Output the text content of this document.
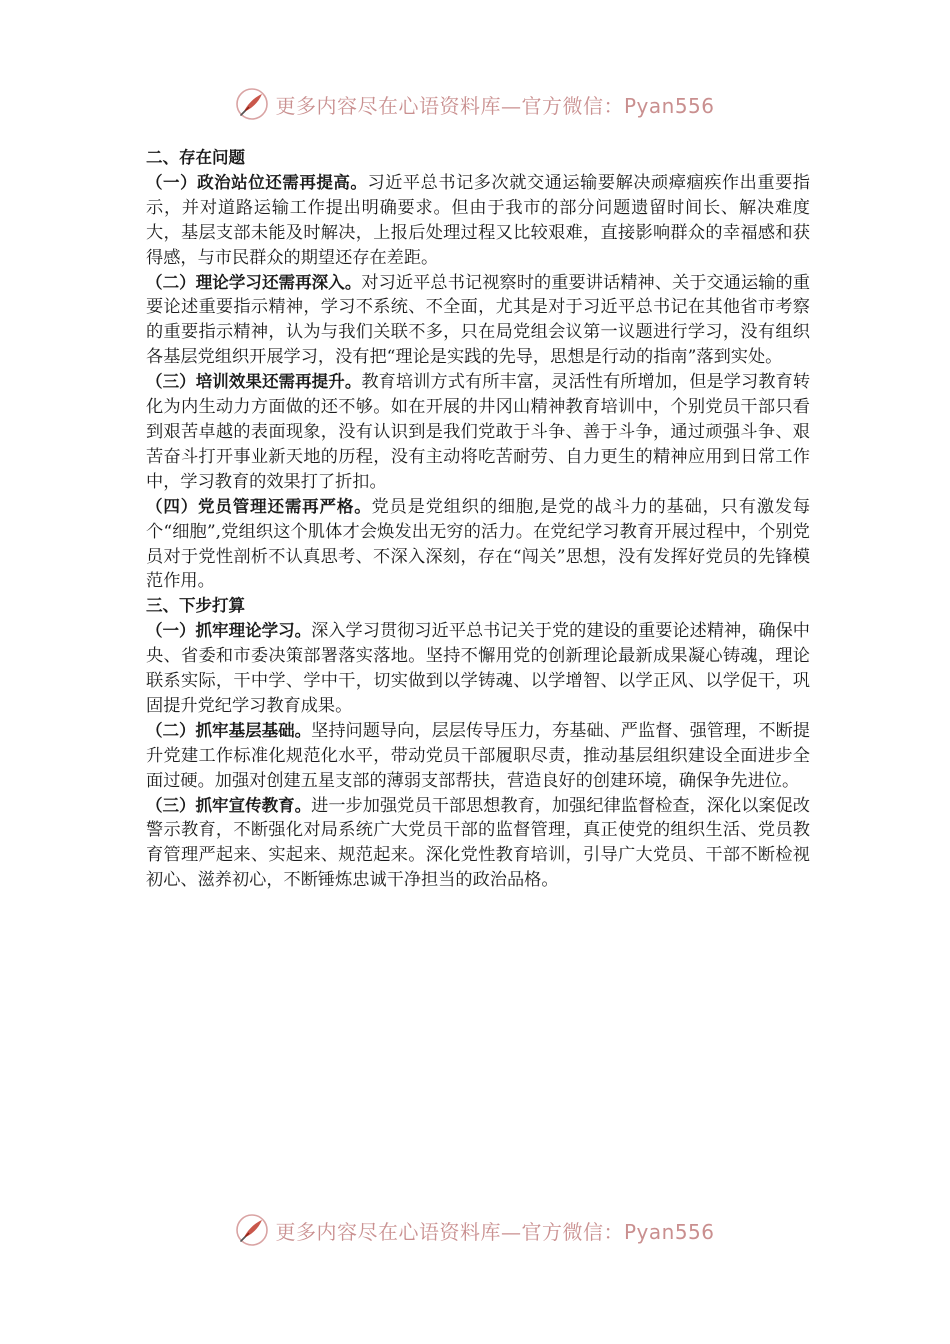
更多内容尽在心语资料库—官方微信：Pyan556

二、存在问题

（一）政治站位还需再提高。习近平总书记多次就交通运输要解决顽瘴痼疾作出重要指示，并对道路运输工作提出明确要求。但由于我市的部分问题遗留时间长、解决难度大，基层支部未能及时解决，上报后处理过程又比较艰难，直接影响群众的幸福感和获得感，与市民群众的期望还存在差距。

（二）理论学习还需再深入。对习近平总书记视察时的重要讲话精神、关于交通运输的重要论述重要指示精神，学习不系统、不全面，尤其是对于习近平总书记在其他省市考察的重要指示精神，认为与我们关联不多，只在局党组会议第一议题进行学习，没有组织各基层党组织开展学习，没有把“理论是实践的先导，思想是行动的指南”落到实处。

（三）培训效果还需再提升。教育培训方式有所丰富，灵活性有所增加，但是学习教育转化为内生动力方面做的还不够。如在开展的井冈山精神教育培训中，个别党员干部只看到艰苦卓越的表面现象，没有认识到是我们党敢于斗争、善于斗争，通过顽强斗争、艰苦奋斗打开事业新天地的历程，没有主动将吃苦耐劳、自力更生的精神应用到日常工作中，学习教育的效果打了折扣。

（四）党员管理还需再严格。党员是党组织的细胞,是党的战斗力的基础，只有激发每个“细胞”,党组织这个肌体才会焕发出无穷的活力。在党纪学习教育开展过程中，个别党员对于党性剖析不认真思考、不深入深刻，存在“闯关”思想，没有发挥好党员的先锋模范作用。

三、下步打算

（一）抓牢理论学习。深入学习贯彻习近平总书记关于党的建设的重要论述精神，确保中央、省委和市委决策部署落实落地。坚持不懈用党的创新理论最新成果凝心铸魂，理论联系实际，干中学、学中干，切实做到以学铸魂、以学增智、以学正风、以学促干，巩固提升党纪学习教育成果。

（二）抓牢基层基础。坚持问题导向，层层传导压力，夯基础、严监督、强管理，不断提升党建工作标准化规范化水平，带动党员干部履职尽责，推动基层组织建设全面进步全面过硬。加强对创建五星支部的薄弱支部帮扶，营造良好的创建环境，确保争先进位。

（三）抓牢宣传教育。进一步加强党员干部思想教育，加强纪律监督检查，深化以案促改警示教育，不断强化对局系统广大党员干部的监督管理，真正使党的组织生活、党员教育管理严起来、实起来、规范起来。深化党性教育培训，引导广大党员、干部不断检视初心、滋养初心，不断锤炼忠诚干净担当的政治品格。

更多内容尽在心语资料库—官方微信：Pyan556
